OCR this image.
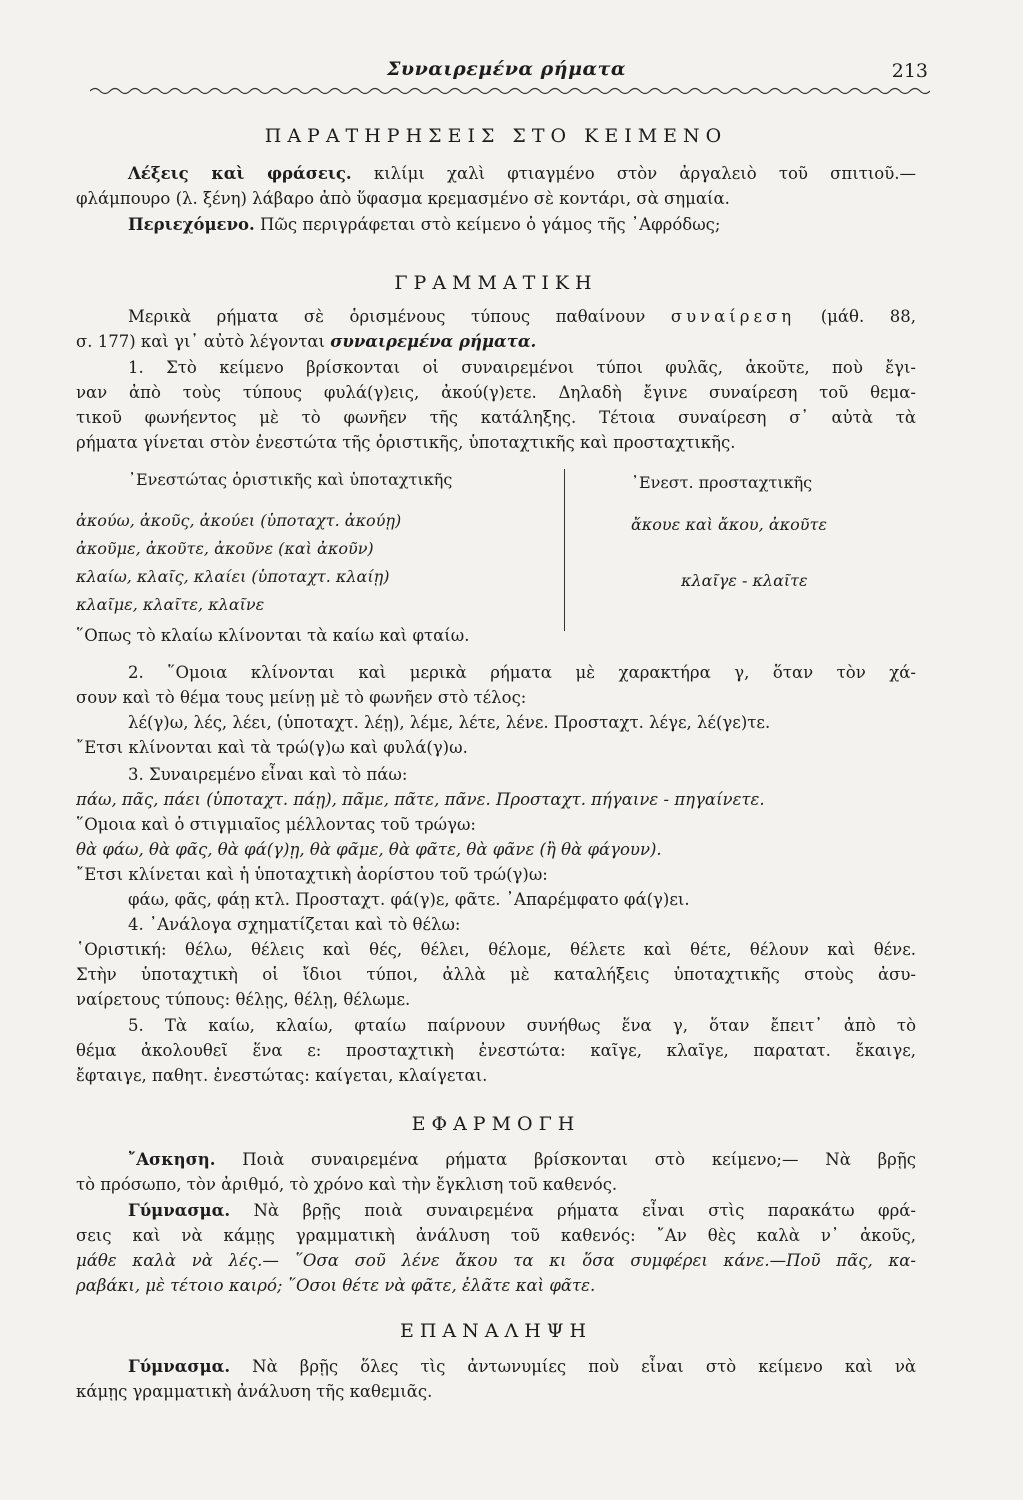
Συναιρεμένα ρήματα	213
ΠΑΡΑΤΗΡΗΣΕΙΣ ΣΤΟ ΚΕΙΜΕΝΟ
Λέξεις καὶ φράσεις. κιλίμι χαλὶ φτιαγμένο στὸν ἀργαλειὸ τοῦ σπιτιοῦ.—
φλάμπουρο (λ. ξένη) λάβαρο ἀπὸ ὕφασμα κρεμασμένο σὲ κοντάρι, σὰ σημαία.
Περιεχόμενο. Πῶς περιγράφεται στὸ κείμενο ὁ γάμος τῆς ᾿Αφρόδως;
ΓΡΑΜΜΑΤΙΚΗ
Μερικὰ ρήματα σὲ ὁρισμένους τύπους παθαίνουν συναίρεση (μάθ. 88,
σ. 177) καὶ γι᾿ αὐτὸ λέγονται συναιρεμένα ρήματα.
1. Στὸ κείμενο βρίσκονται οἱ συναιρεμένοι τύποι φυλᾶς, ἀκοῦτε, ποὺ ἔγι-
ναν ἀπὸ τοὺς τύπους φυλά(γ)εις, ἀκού(γ)ετε. Δηλαδὴ ἔγινε συναίρεση τοῦ θεμα-
τικοῦ φωνήεντος μὲ τὸ φωνῆεν τῆς κατάληξης. Τέτοια συναίρεση σ᾿ αὐτὰ τὰ
ρήματα γίνεται στὸν ἐνεστώτα τῆς ὁριστικῆς, ὑποταχτικῆς καὶ προσταχτικῆς.
᾿Ενεστώτας ὁριστικῆς καὶ ὑποταχτικῆς	᾿Ενεστ. προσταχτικῆς
ἀκούω, ἀκοῦς, ἀκούει (ὑποταχτ. ἀκούῃ)
ἀκοῦμε, ἀκοῦτε, ἀκοῦνε (καὶ ἀκοῦν)
κλαίω, κλαῖς, κλαίει (ὑποταχτ. κλαίῃ)
κλαῖμε, κλαῖτε, κλαῖνε
ἄκουε καὶ ἄκου, ἀκοῦτε
κλαῖγε - κλαῖτε
῞Οπως τὸ κλαίω κλίνονται τὰ καίω καὶ φταίω.
2. ῞Ομοια κλίνονται καὶ μερικὰ ρήματα μὲ χαρακτήρα γ, ὅταν τὸν χά-
σουν καὶ τὸ θέμα τους μείνῃ μὲ τὸ φωνῆεν στὸ τέλος:
λέ(γ)ω, λές, λέει, (ὑποταχτ. λέῃ), λέμε, λέτε, λένε. Προσταχτ. λέγε, λέ(γε)τε.
῎Ετσι κλίνονται καὶ τὰ τρώ(γ)ω καὶ φυλά(γ)ω.
3. Συναιρεμένο εἶναι καὶ τὸ πάω:
πάω, πᾶς, πάει (ὑποταχτ. πάῃ), πᾶμε, πᾶτε, πᾶνε. Προσταχτ. πήγαινε - πηγαίνετε.
῞Ομοια καὶ ὁ στιγμιαῖος μέλλοντας τοῦ τρώγω:
θὰ φάω, θὰ φᾶς, θὰ φά(γ)ῃ, θὰ φᾶμε, θὰ φᾶτε, θὰ φᾶνε (ἢ θὰ φάγουν).
῎Ετσι κλίνεται καὶ ἡ ὑποταχτικὴ ἀορίστου τοῦ τρώ(γ)ω:
φάω, φᾶς, φάῃ κτλ. Προσταχτ. φά(γ)ε, φᾶτε. ᾿Απαρέμφατο φά(γ)ει.
4. ᾿Ανάλογα σχηματίζεται καὶ τὸ θέλω:
῾Οριστική: θέλω, θέλεις καὶ θές, θέλει, θέλομε, θέλετε καὶ θέτε, θέλουν καὶ θένε.
Στὴν ὑποταχτικὴ οἱ ἴδιοι τύποι, ἀλλὰ μὲ καταλήξεις ὑποταχτικῆς στοὺς ἀσυ-
ναίρετους τύπους: θέλῃς, θέλῃ, θέλωμε.
5. Τὰ καίω, κλαίω, φταίω παίρνουν συνήθως ἕνα γ, ὅταν ἔπειτ᾿ ἀπὸ τὸ
θέμα ἀκολουθεῖ ἕνα ε: προσταχτικὴ ἐνεστώτα: καῖγε, κλαῖγε, παρατατ. ἔκαιγε,
ἔφταιγε, παθητ. ἐνεστώτας: καίγεται, κλαίγεται.
ΕΦΑΡΜΟΓΗ
῎Ασκηση. Ποιὰ συναιρεμένα ρήματα βρίσκονται στὸ κείμενο;— Νὰ βρῇς
τὸ πρόσωπο, τὸν ἀριθμό, τὸ χρόνο καὶ τὴν ἔγκλιση τοῦ καθενός.
Γύμνασμα. Νὰ βρῇς ποιὰ συναιρεμένα ρήματα εἶναι στὶς παρακάτω φρά-
σεις καὶ νὰ κάμῃς γραμματικὴ ἀνάλυση τοῦ καθενός: ῎Αν θὲς καλὰ ν᾿ ἀκοῦς,
μάθε καλὰ νὰ λές.— ῞Οσα σοῦ λένε ἄκου τα κι ὅσα συμφέρει κάνε.—Ποῦ πᾶς, κα-
ραβάκι, μὲ τέτοιο καιρό; ῞Οσοι θέτε νὰ φᾶτε, ἐλᾶτε καὶ φᾶτε.
ΕΠΑΝΑΛΗΨΗ
Γύμνασμα. Νὰ βρῇς ὅλες τὶς ἀντωνυμίες ποὺ εἶναι στὸ κείμενο καὶ νὰ
κάμῃς γραμματικὴ ἀνάλυση τῆς καθεμιᾶς.
